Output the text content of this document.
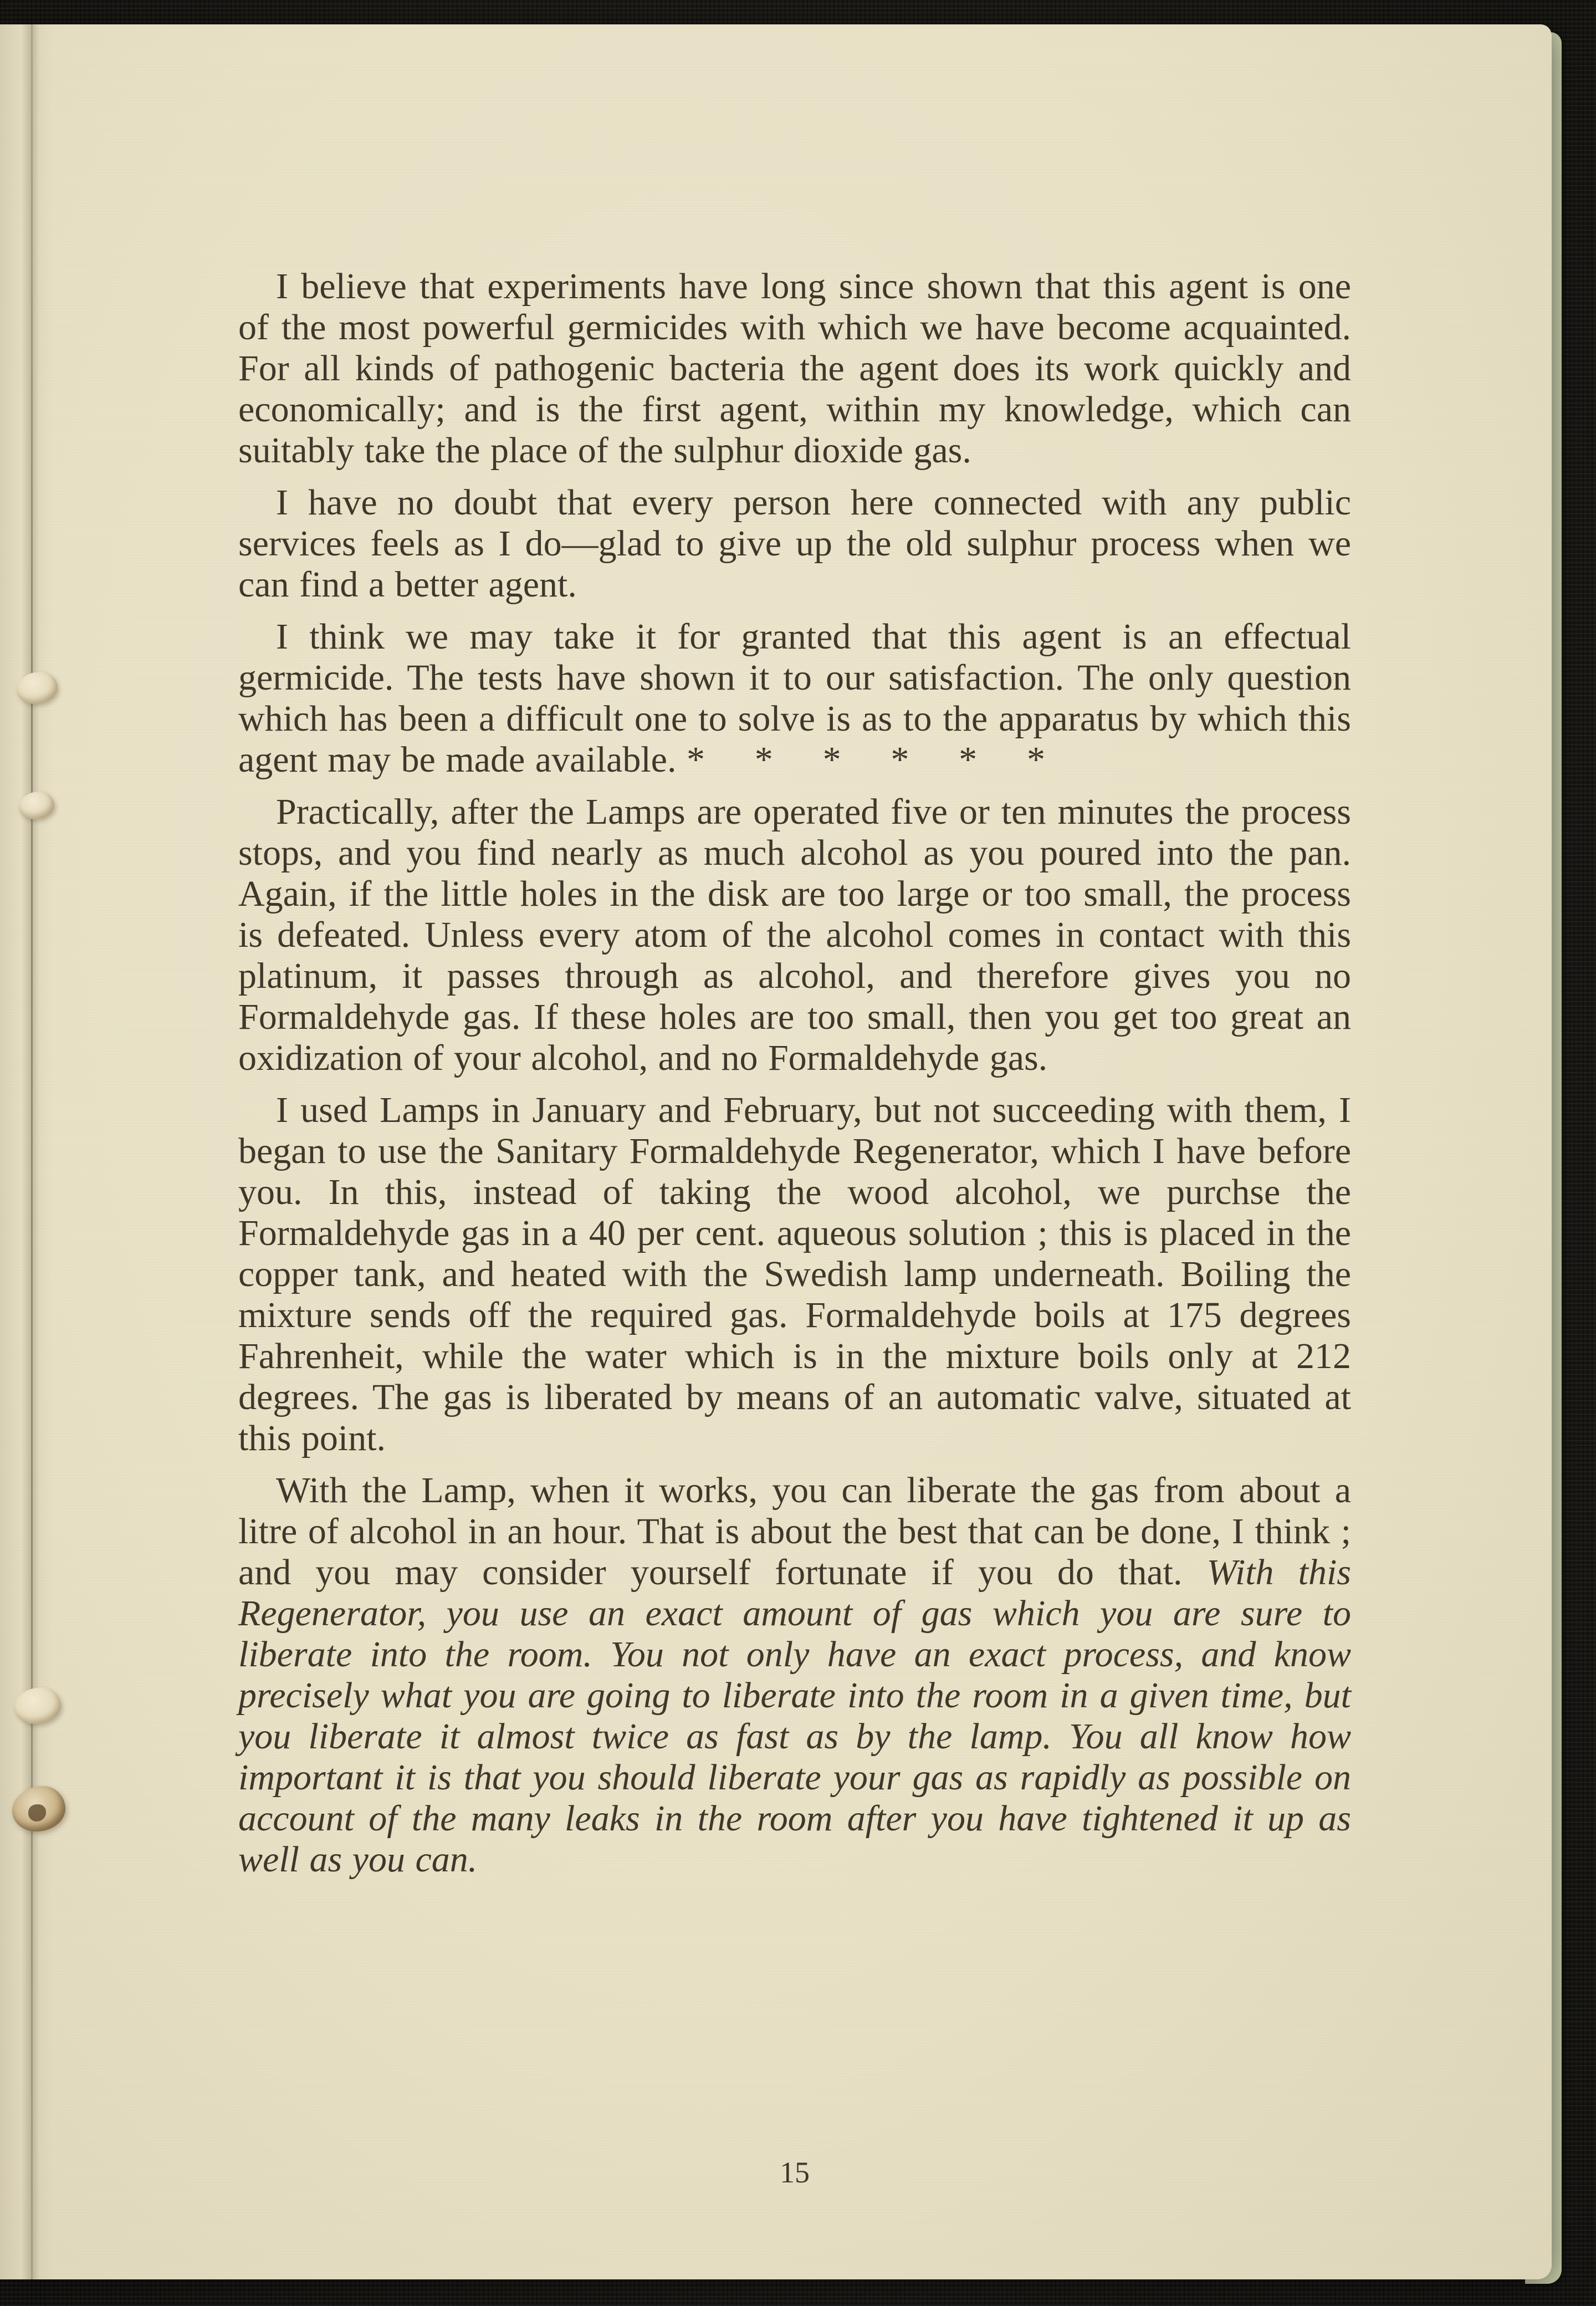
I believe that experiments have long since shown that this agent is one of the most powerful germicides with which we have become acquainted. For all kinds of pathogenic bacteria the agent does its work quickly and economically; and is the first agent, within my knowledge, which can suitably take the place of the sulphur dioxide gas.

I have no doubt that every person here connected with any public services feels as I do—glad to give up the old sulphur process when we can find a better agent.

I think we may take it for granted that this agent is an effectual germicide. The tests have shown it to our satisfaction. The only question which has been a difficult one to solve is as to the apparatus by which this agent may be made available. * * * * * *

Practically, after the Lamps are operated five or ten minutes the process stops, and you find nearly as much alcohol as you poured into the pan. Again, if the little holes in the disk are too large or too small, the process is defeated. Unless every atom of the alcohol comes in contact with this platinum, it passes through as alcohol, and therefore gives you no Formaldehyde gas. If these holes are too small, then you get too great an oxidization of your alcohol, and no Formaldehyde gas.

I used Lamps in January and February, but not succeeding with them, I began to use the Sanitary Formaldehyde Regenerator, which I have before you. In this, instead of taking the wood alcohol, we purchse the Formaldehyde gas in a 40 per cent. aqueous solution ; this is placed in the copper tank, and heated with the Swedish lamp underneath. Boiling the mixture sends off the required gas. Formaldehyde boils at 175 degrees Fahrenheit, while the water which is in the mixture boils only at 212 degrees. The gas is liberated by means of an automatic valve, situated at this point.

With the Lamp, when it works, you can liberate the gas from about a litre of alcohol in an hour. That is about the best that can be done, I think ; and you may consider yourself fortunate if you do that. With this Regenerator, you use an exact amount of gas which you are sure to liberate into the room. You not only have an exact process, and know precisely what you are going to liberate into the room in a given time, but you liberate it almost twice as fast as by the lamp. You all know how important it is that you should liberate your gas as rapidly as possible on account of the many leaks in the room after you have tightened it up as well as you can.

15
